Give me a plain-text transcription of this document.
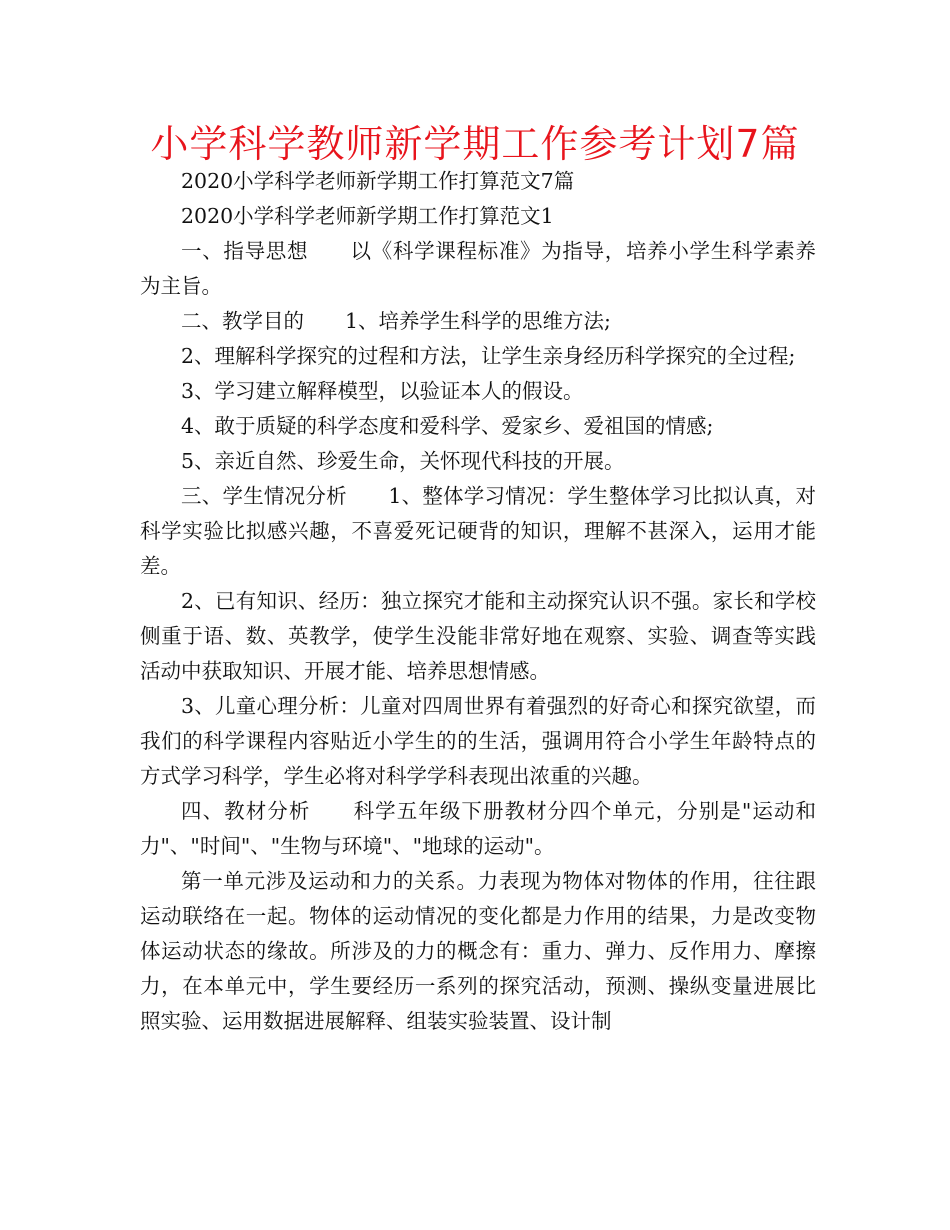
小学科学教师新学期工作参考计划7篇

2020小学科学老师新学期工作打算范文7篇

2020小学科学老师新学期工作打算范文1

一、指导思想　　以《科学课程标准》为指导，培养小学生科学素养为主旨。

二、教学目的　　1、培养学生科学的思维方法;

2、理解科学探究的过程和方法，让学生亲身经历科学探究的全过程;

3、学习建立解释模型，以验证本人的假设。

4、敢于质疑的科学态度和爱科学、爱家乡、爱祖国的情感;

5、亲近自然、珍爱生命，关怀现代科技的开展。

三、学生情况分析　　1、整体学习情况：学生整体学习比拟认真，对科学实验比拟感兴趣，不喜爱死记硬背的知识，理解不甚深入，运用才能差。

2、已有知识、经历：独立探究才能和主动探究认识不强。家长和学校侧重于语、数、英教学，使学生没能非常好地在观察、实验、调查等实践活动中获取知识、开展才能、培养思想情感。

3、儿童心理分析：儿童对四周世界有着强烈的好奇心和探究欲望，而我们的科学课程内容贴近小学生的的生活，强调用符合小学生年龄特点的方式学习科学，学生必将对科学学科表现出浓重的兴趣。

四、教材分析　　科学五年级下册教材分四个单元，分别是"运动和力"、"时间"、"生物与环境"、"地球的运动"。

第一单元涉及运动和力的关系。力表现为物体对物体的作用，往往跟运动联络在一起。物体的运动情况的变化都是力作用的结果，力是改变物体运动状态的缘故。所涉及的力的概念有：重力、弹力、反作用力、摩擦力，在本单元中，学生要经历一系列的探究活动，预测、操纵变量进展比照实验、运用数据进展解释、组装实验装置、设计制
